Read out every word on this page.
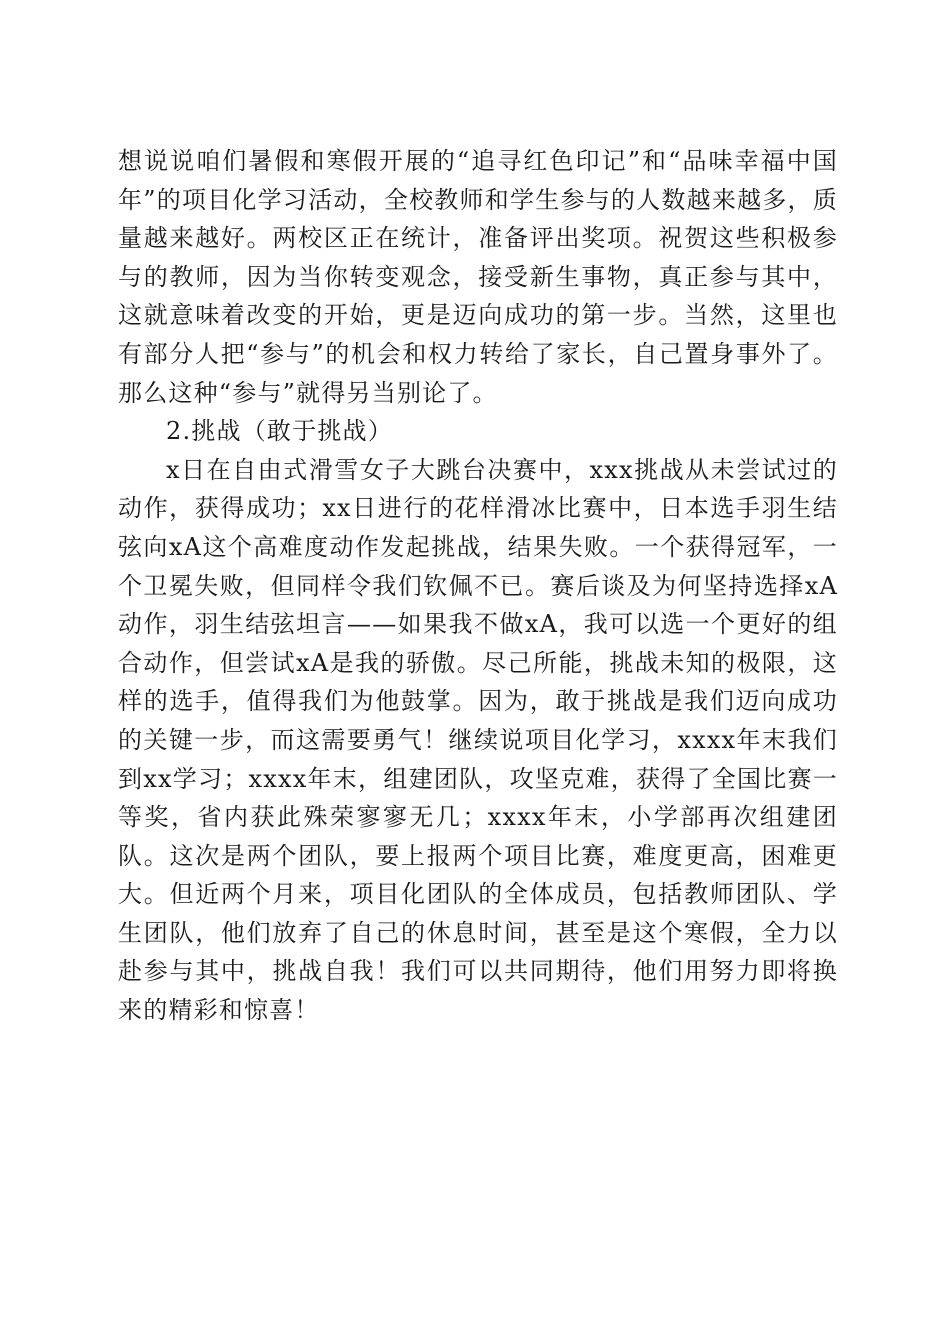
想说说咱们暑假和寒假开展的“追寻红色印记”和“品味幸福中国年”的项目化学习活动，全校教师和学生参与的人数越来越多，质量越来越好。两校区正在统计，准备评出奖项。祝贺这些积极参与的教师，因为当你转变观念，接受新生事物，真正参与其中，这就意味着改变的开始，更是迈向成功的第一步。当然，这里也有部分人把“参与”的机会和权力转给了家长，自己置身事外了。那么这种“参与”就得另当别论了。

2.挑战（敢于挑战）

x日在自由式滑雪女子大跳台决赛中，xxx挑战从未尝试过的动作，获得成功；xx日进行的花样滑冰比赛中，日本选手羽生结弦向xA这个高难度动作发起挑战，结果失败。一个获得冠军，一个卫冕失败，但同样令我们钦佩不已。赛后谈及为何坚持选择xA动作，羽生结弦坦言——如果我不做xA，我可以选一个更好的组合动作，但尝试xA是我的骄傲。尽己所能，挑战未知的极限，这样的选手，值得我们为他鼓掌。因为，敢于挑战是我们迈向成功的关键一步，而这需要勇气！继续说项目化学习，xxxx年末我们到xx学习；xxxx年末，组建团队，攻坚克难，获得了全国比赛一等奖，省内获此殊荣寥寥无几；xxxx年末，小学部再次组建团队。这次是两个团队，要上报两个项目比赛，难度更高，困难更大。但近两个月来，项目化团队的全体成员，包括教师团队、学生团队，他们放弃了自己的休息时间，甚至是这个寒假，全力以赴参与其中，挑战自我！我们可以共同期待，他们用努力即将换来的精彩和惊喜！
